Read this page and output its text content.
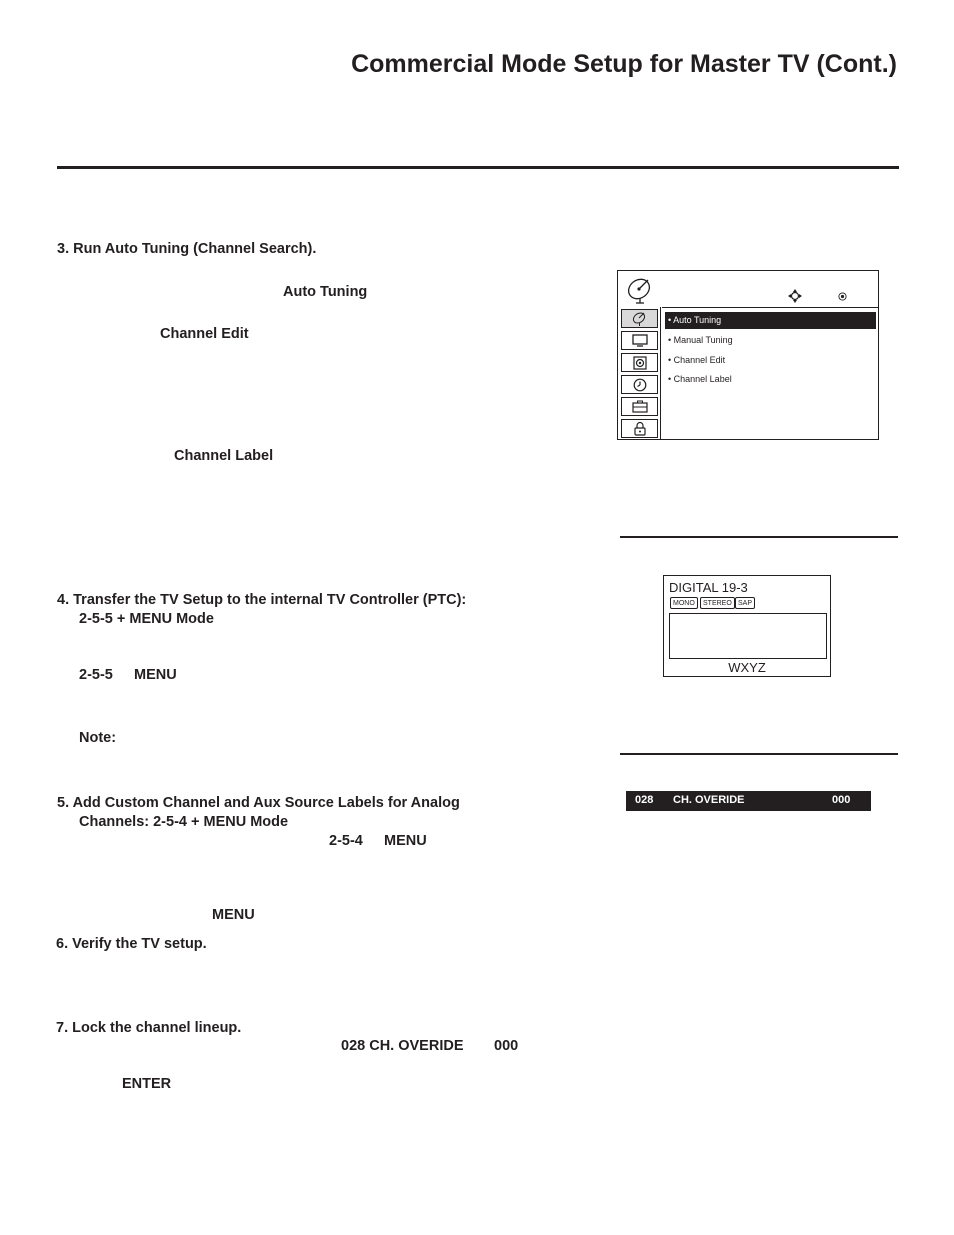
Commercial Mode Setup for Master TV (Cont.)
3. Run Auto Tuning (Channel Search).
Auto Tuning
Channel Edit
Channel Label
4. Transfer the TV Setup to the internal TV Controller (PTC):
2-5-5 + MENU Mode
2-5-5 MENU
Note:
5. Add Custom Channel and Aux Source Labels for Analog
Channels: 2-5-4 + MENU Mode
2-5-4 MENU
MENU
6. Verify the TV setup.
7. Lock the channel lineup.
028 CH. OVERIDE 000
ENTER
• Auto Tuning
• Manual Tuning
• Channel Edit
• Channel Label
DIGITAL 19-3
MONO	STEREO SAP
WXYZ
028 CH. OVERIDE	000
